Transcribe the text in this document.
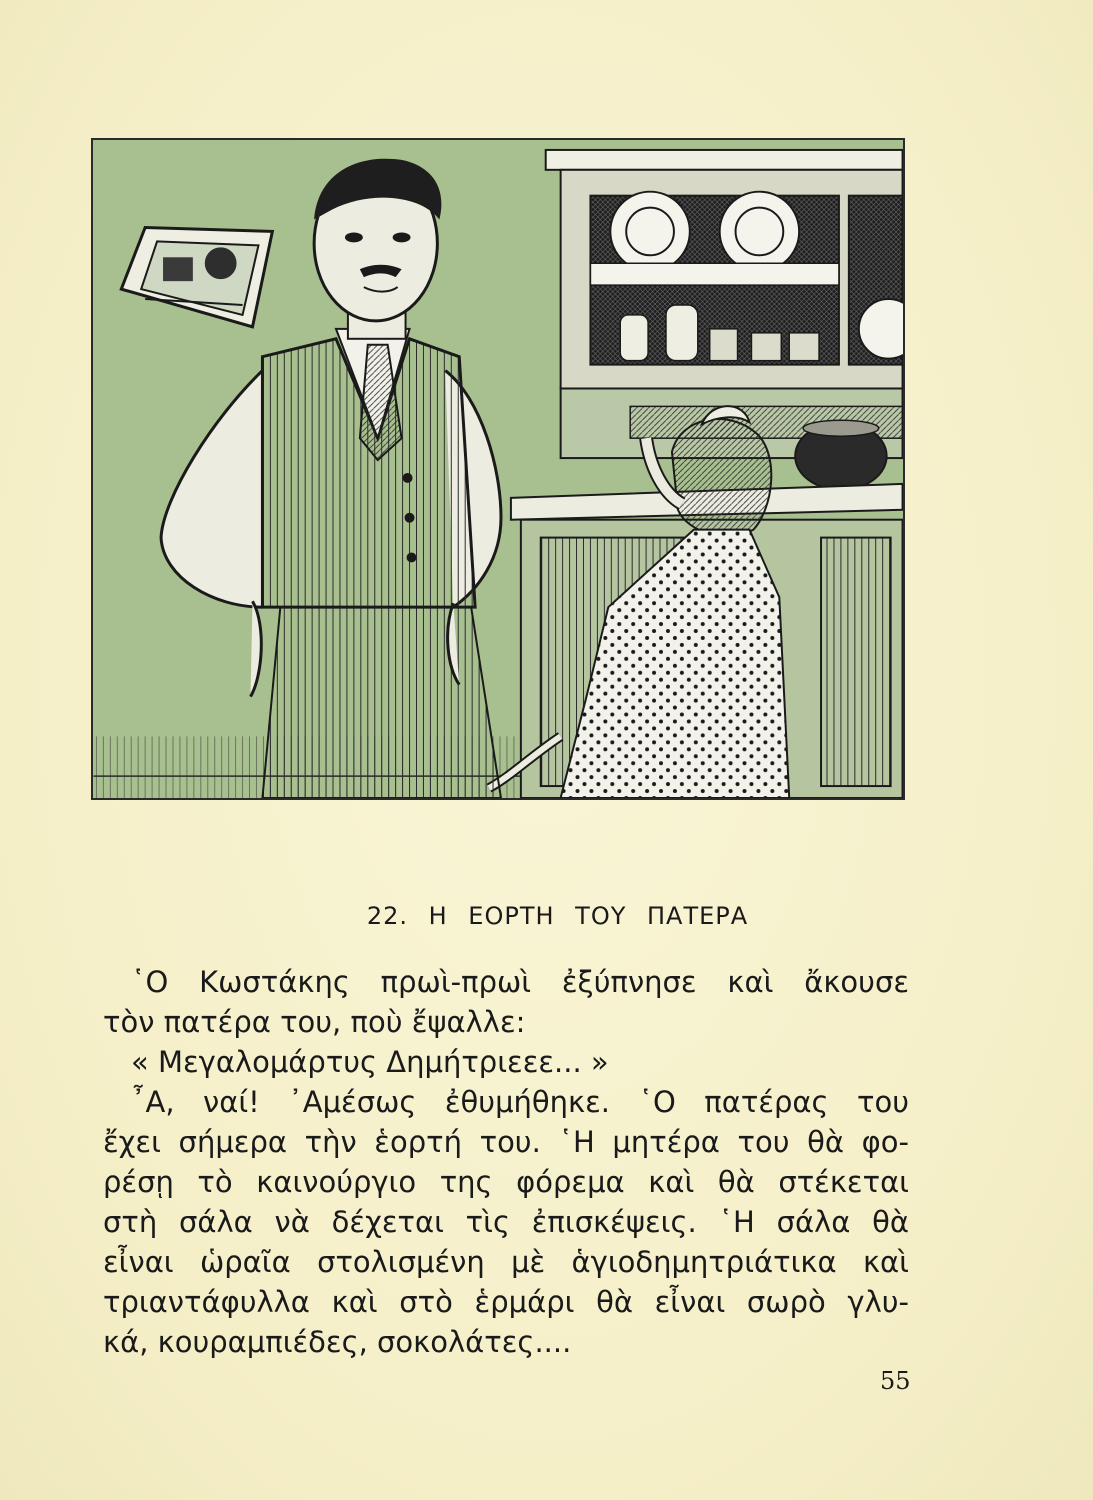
22. Η ΕΟΡΤΗ ΤΟΥ ΠΑΤΕΡΑ
῾Ο Κωστάκης πρωὶ-πρωὶ ἐξύπνησε καὶ ἄκουσε
τὸν πατέρα του, ποὺ ἔψαλλε:
« Μεγαλομάρτυς Δημήτριεεε... »
῏Α, ναί! ᾿Αμέσως ἐθυμήθηκε. ῾Ο πατέρας του
ἔχει σήμερα τὴν ἑορτή του. ῾Η μητέρα του θὰ φο-
ρέσῃ τὸ καινούργιο της φόρεμα καὶ θὰ στέκεται
στὴ σάλα νὰ δέχεται τὶς ἐπισκέψεις. ῾Η σάλα θὰ
εἶναι ὡραῖα στολισμένη μὲ ἁγιοδημητριάτικα καὶ
τριαντάφυλλα καὶ στὸ ἑρμάρι θὰ εἶναι σωρὸ γλυ-
κά, κουραμπιέδες, σοκολάτες....
55
